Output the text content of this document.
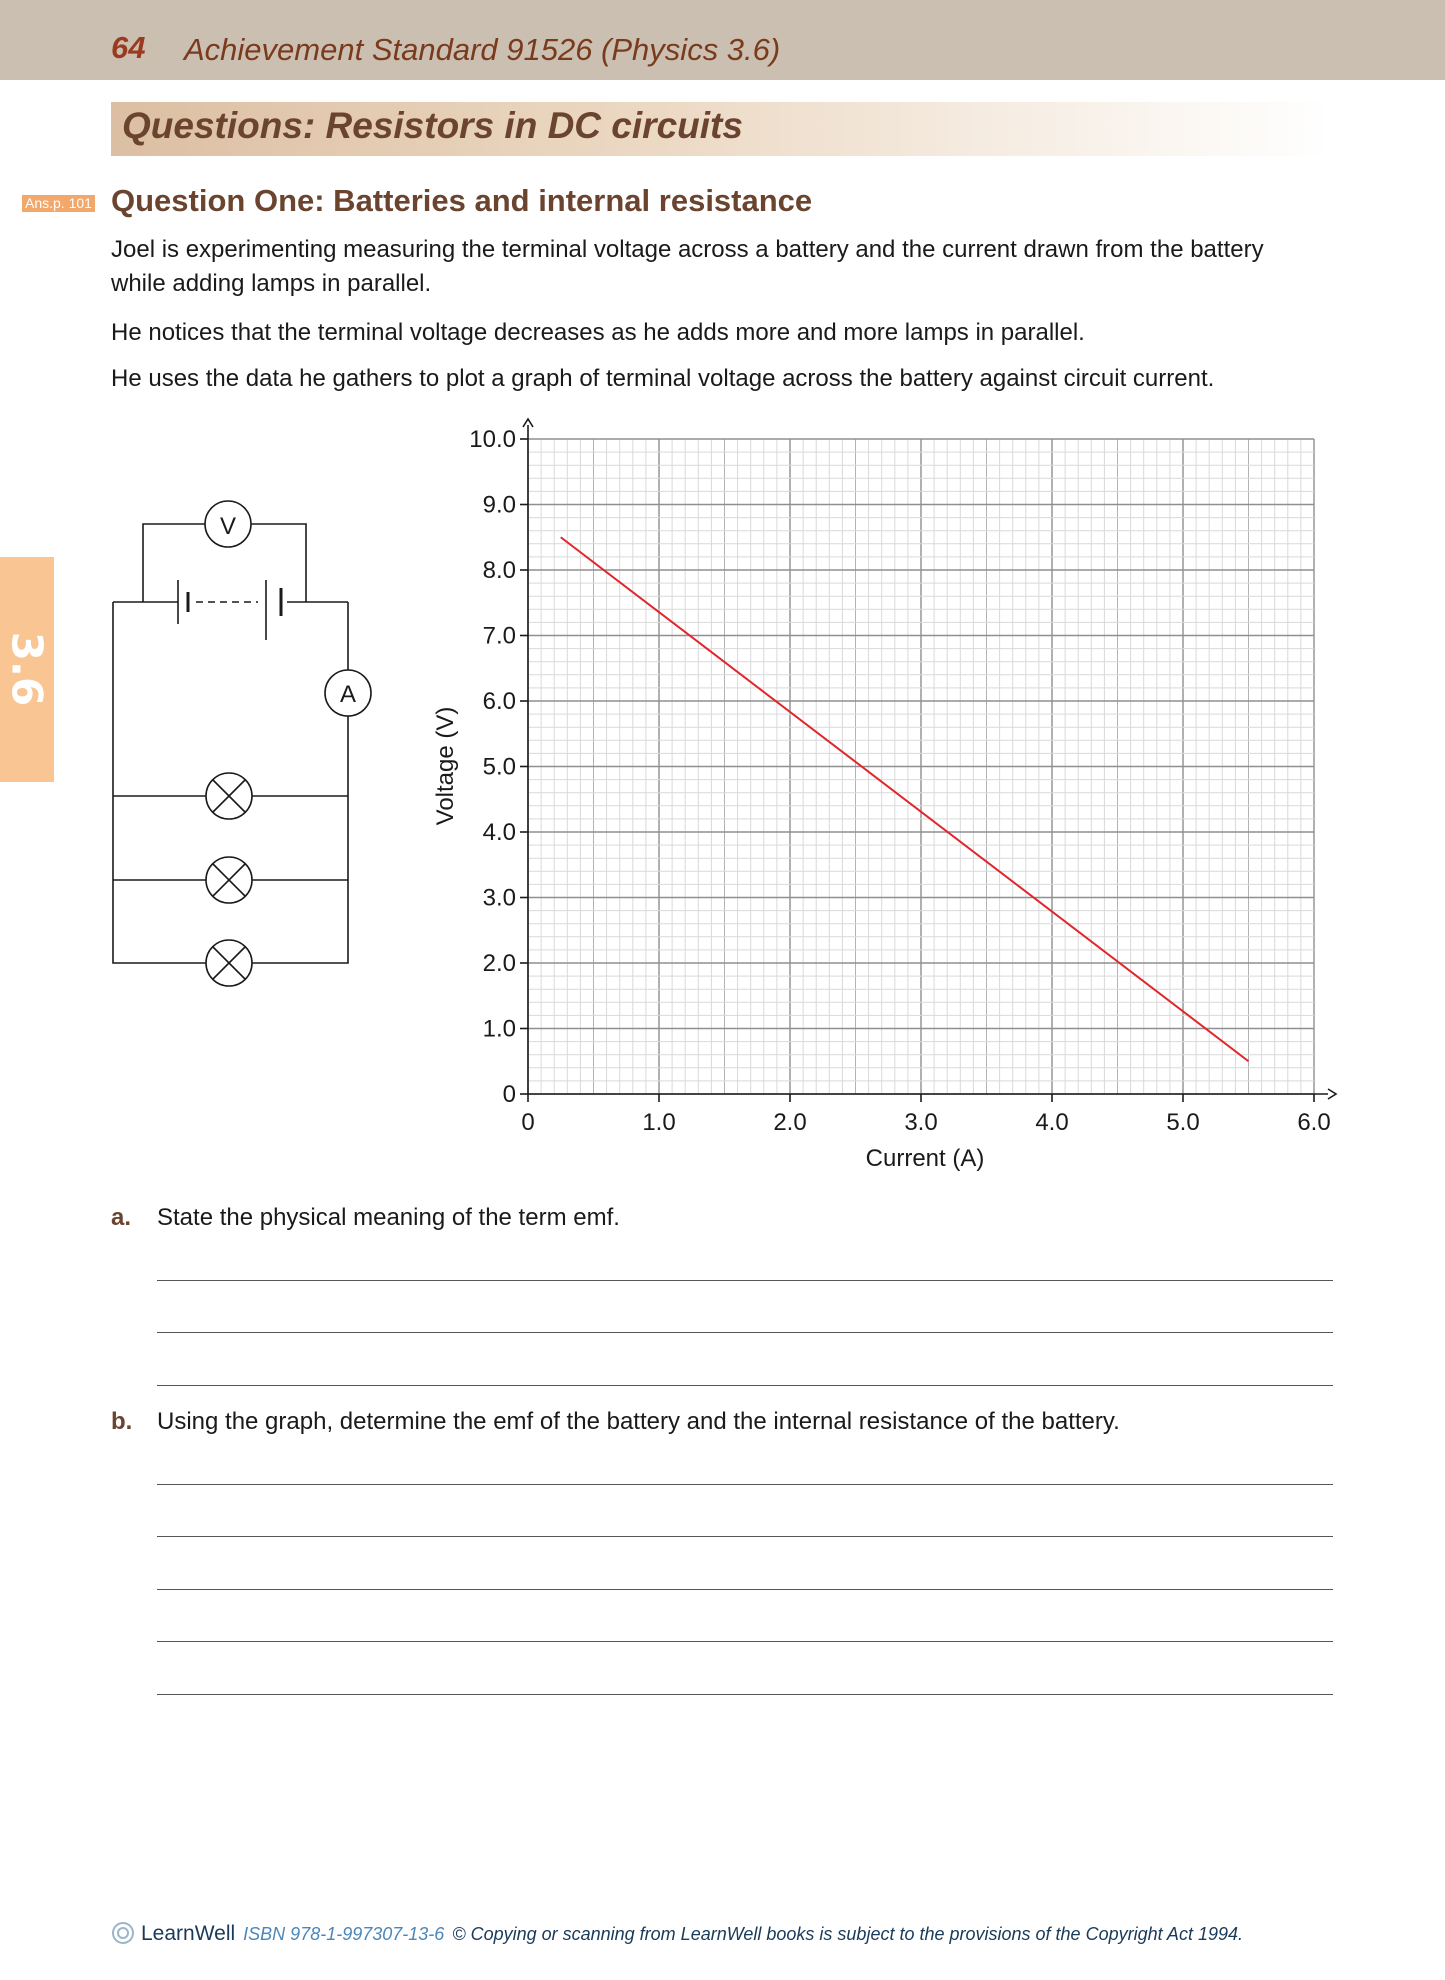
64 Achievement Standard 91526 (Physics 3.6)
Questions: Resistors in DC circuits
3.6
Ans.p. 101 Question One: Batteries and internal resistance
Joel is experimenting measuring the terminal voltage across a battery and the current drawn from the battery while adding lamps in parallel.
He notices that the terminal voltage decreases as he adds more and more lamps in parallel.
He uses the data he gathers to plot a graph of terminal voltage across the battery against circuit current.
V
A
0	1.0	2.0	3.0	4.0	5.0	6.0
0
1.0
2.0
3.0
4.0
5.0
6.0
7.0
8.0
9.0
10.0
Current (A)
Voltage (V)
a. State the physical meaning of the term emf.
b. Using the graph, determine the emf of the battery and the internal resistance of the battery.
LearnWell ISBN 978-1-997307-13-6 © Copying or scanning from LearnWell books is subject to the provisions of the Copyright Act 1994.
